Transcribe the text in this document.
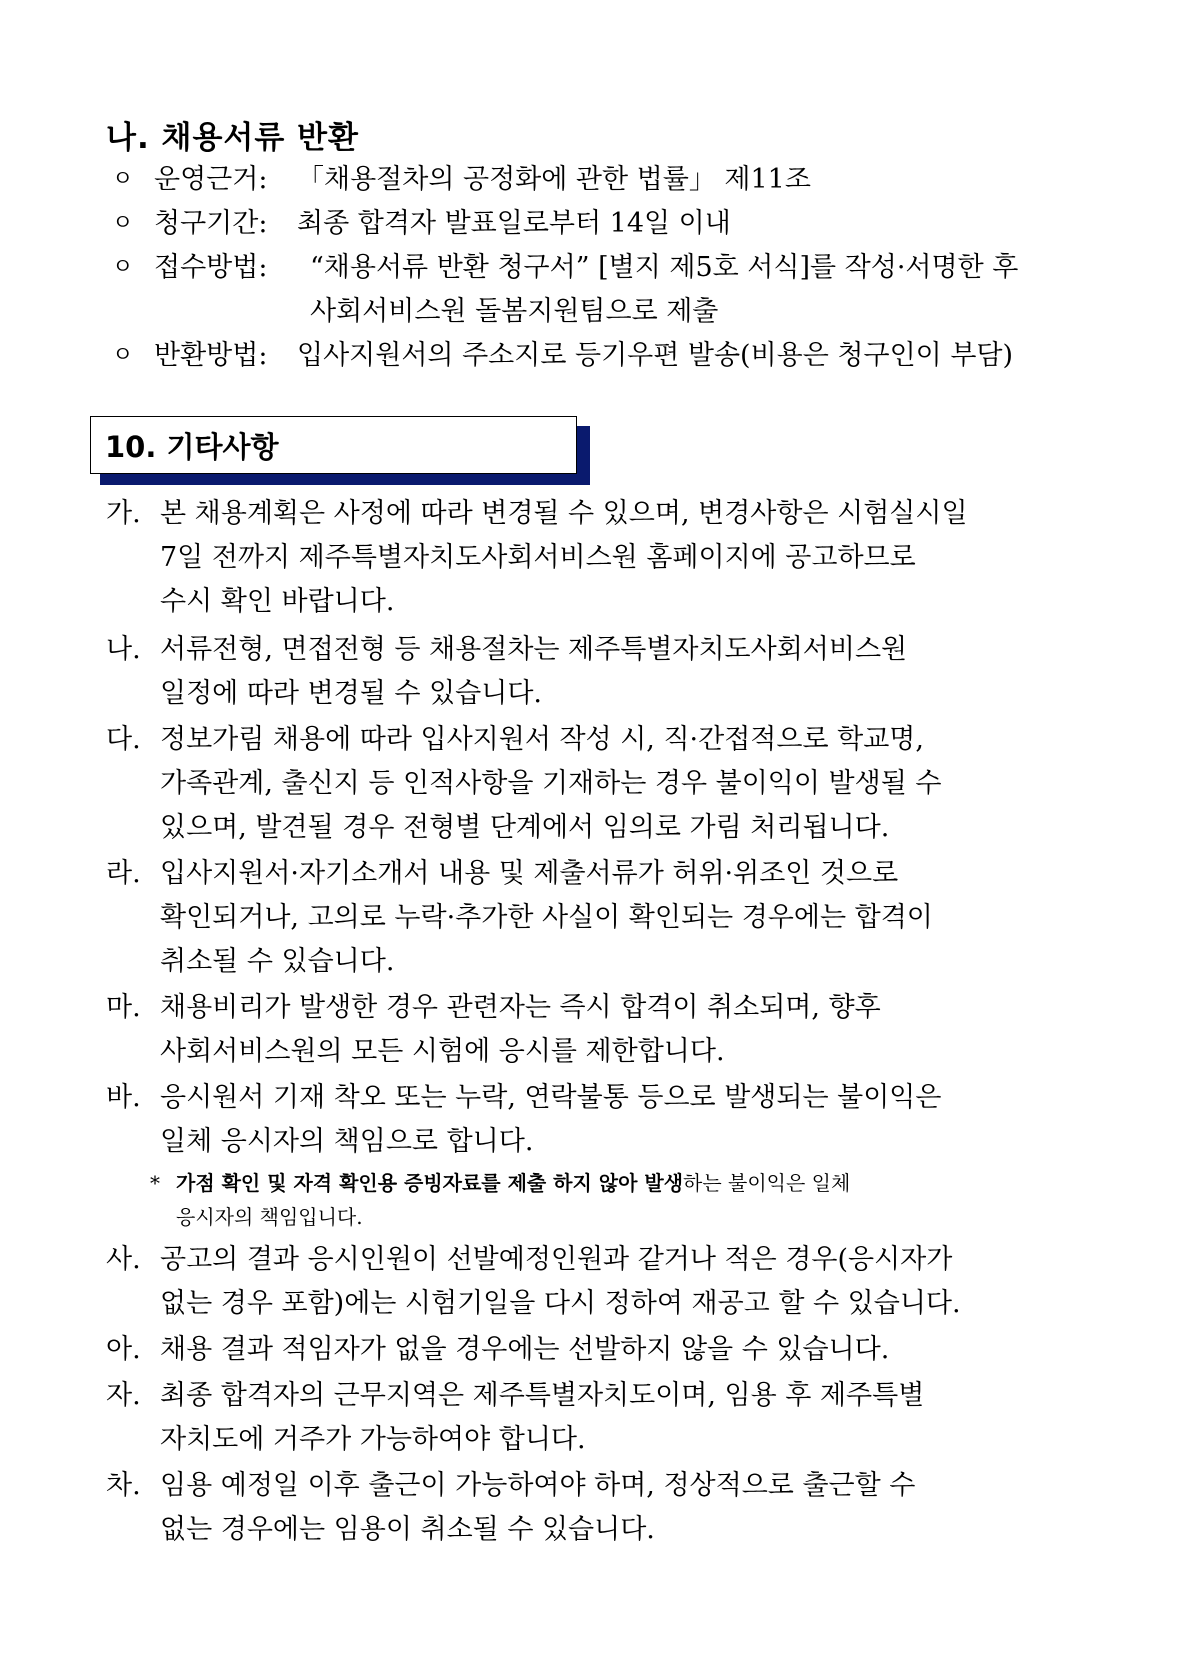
나. 채용서류 반환
ㅇ 운영근거: 「채용절차의 공정화에 관한 법률」 제11조
ㅇ 청구기간: 최종 합격자 발표일로부터 14일 이내
ㅇ 접수방법: “채용서류 반환 청구서” [별지 제5호 서식]를 작성·서명한 후
사회서비스원 돌봄지원팀으로 제출
ㅇ 반환방법: 입사지원서의 주소지로 등기우편 발송(비용은 청구인이 부담)
10. 기타사항
가. 본 채용계획은 사정에 따라 변경될 수 있으며, 변경사항은 시험실시일
7일 전까지 제주특별자치도사회서비스원 홈페이지에 공고하므로
수시 확인 바랍니다.
나. 서류전형, 면접전형 등 채용절차는 제주특별자치도사회서비스원
일정에 따라 변경될 수 있습니다.
다. 정보가림 채용에 따라 입사지원서 작성 시, 직·간접적으로 학교명,
가족관계, 출신지 등 인적사항을 기재하는 경우 불이익이 발생될 수
있으며, 발견될 경우 전형별 단계에서 임의로 가림 처리됩니다.
라. 입사지원서·자기소개서 내용 및 제출서류가 허위·위조인 것으로
확인되거나, 고의로 누락·추가한 사실이 확인되는 경우에는 합격이
취소될 수 있습니다.
마. 채용비리가 발생한 경우 관련자는 즉시 합격이 취소되며, 향후
사회서비스원의 모든 시험에 응시를 제한합니다.
바. 응시원서 기재 착오 또는 누락, 연락불통 등으로 발생되는 불이익은
일체 응시자의 책임으로 합니다.
* 가점 확인 및 자격 확인용 증빙자료를 제출 하지 않아 발생하는 불이익은 일체
응시자의 책임입니다.
사. 공고의 결과 응시인원이 선발예정인원과 같거나 적은 경우(응시자가
없는 경우 포함)에는 시험기일을 다시 정하여 재공고 할 수 있습니다.
아. 채용 결과 적임자가 없을 경우에는 선발하지 않을 수 있습니다.
자. 최종 합격자의 근무지역은 제주특별자치도이며, 임용 후 제주특별
자치도에 거주가 가능하여야 합니다.
차. 임용 예정일 이후 출근이 가능하여야 하며, 정상적으로 출근할 수
없는 경우에는 임용이 취소될 수 있습니다.
